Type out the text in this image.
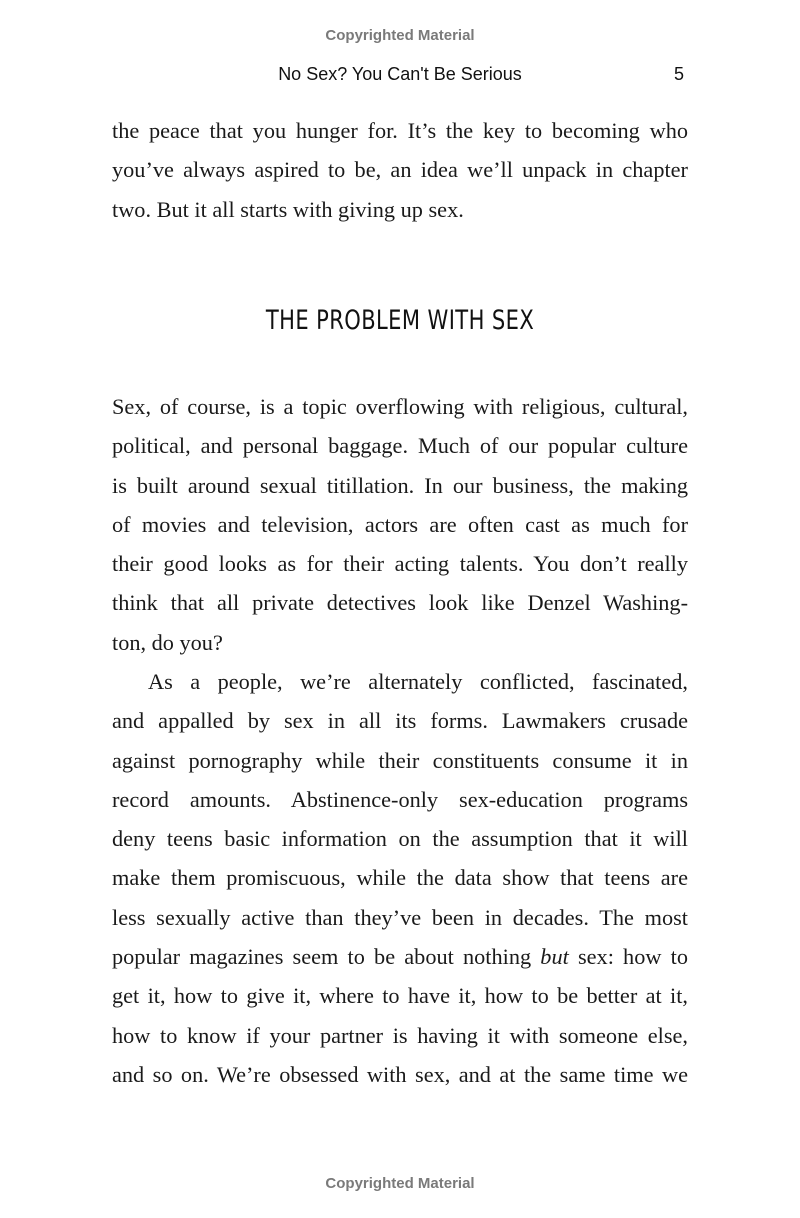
Copyrighted Material
No Sex? You Can't Be Serious	5
the peace that you hunger for. It’s the key to becoming who
you’ve always aspired to be, an idea we’ll unpack in chapter
two. But it all starts with giving up sex.
THE PROBLEM WITH SEX
Sex, of course, is a topic overflowing with religious, cultural,
political, and personal baggage. Much of our popular culture
is built around sexual titillation. In our business, the making
of movies and television, actors are often cast as much for
their good looks as for their acting talents. You don’t really
think that all private detectives look like Denzel Washing-
ton, do you?
As a people, we’re alternately conflicted, fascinated,
and appalled by sex in all its forms. Lawmakers crusade
against pornography while their constituents consume it in
record amounts. Abstinence-only sex-education programs
deny teens basic information on the assumption that it will
make them promiscuous, while the data show that teens are
less sexually active than they’ve been in decades. The most
popular magazines seem to be about nothing but sex: how to
get it, how to give it, where to have it, how to be better at it,
how to know if your partner is having it with someone else,
and so on. We’re obsessed with sex, and at the same time we
Copyrighted Material
